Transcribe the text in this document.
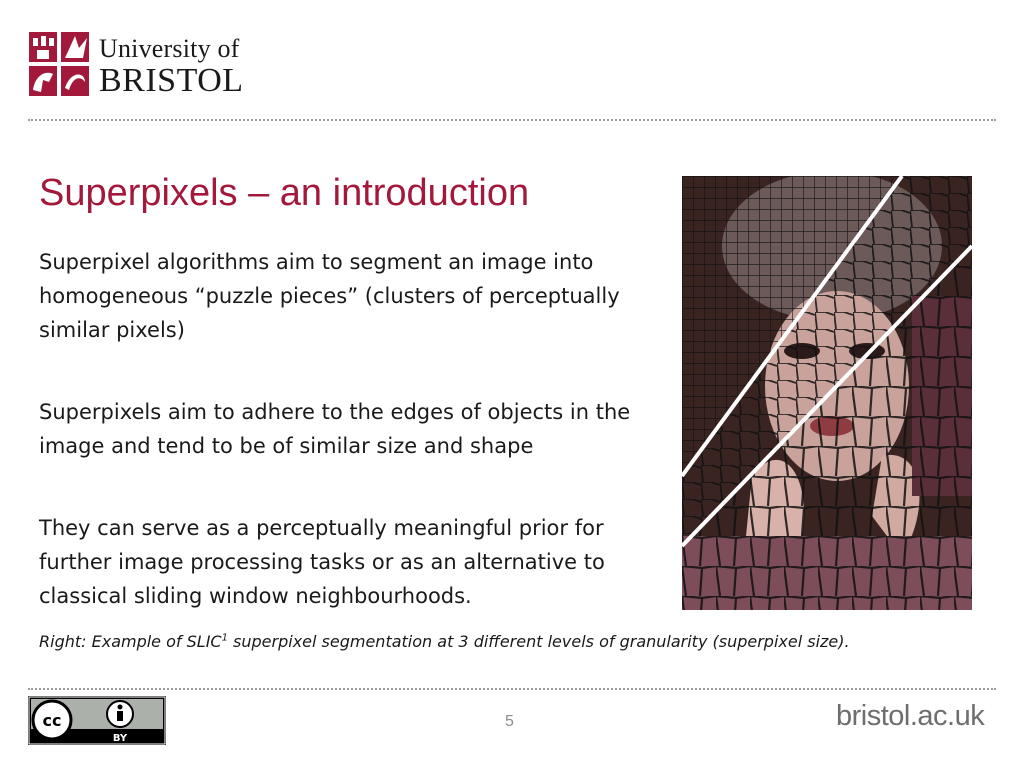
University of
BRISTOL
Superpixels – an introduction
Superpixel algorithms aim to segment an image into homogeneous “puzzle pieces” (clusters of perceptually similar pixels)
Superpixels aim to adhere to the edges of objects in the image and tend to be of similar size and shape
They can serve as a perceptually meaningful prior for further image processing tasks or as an alternative to classical sliding window neighbourhoods.
Right: Example of SLIC$^1$ superpixel segmentation at 3 different levels of granularity (superpixel size).
cc
BY
5	bristol.ac.uk
